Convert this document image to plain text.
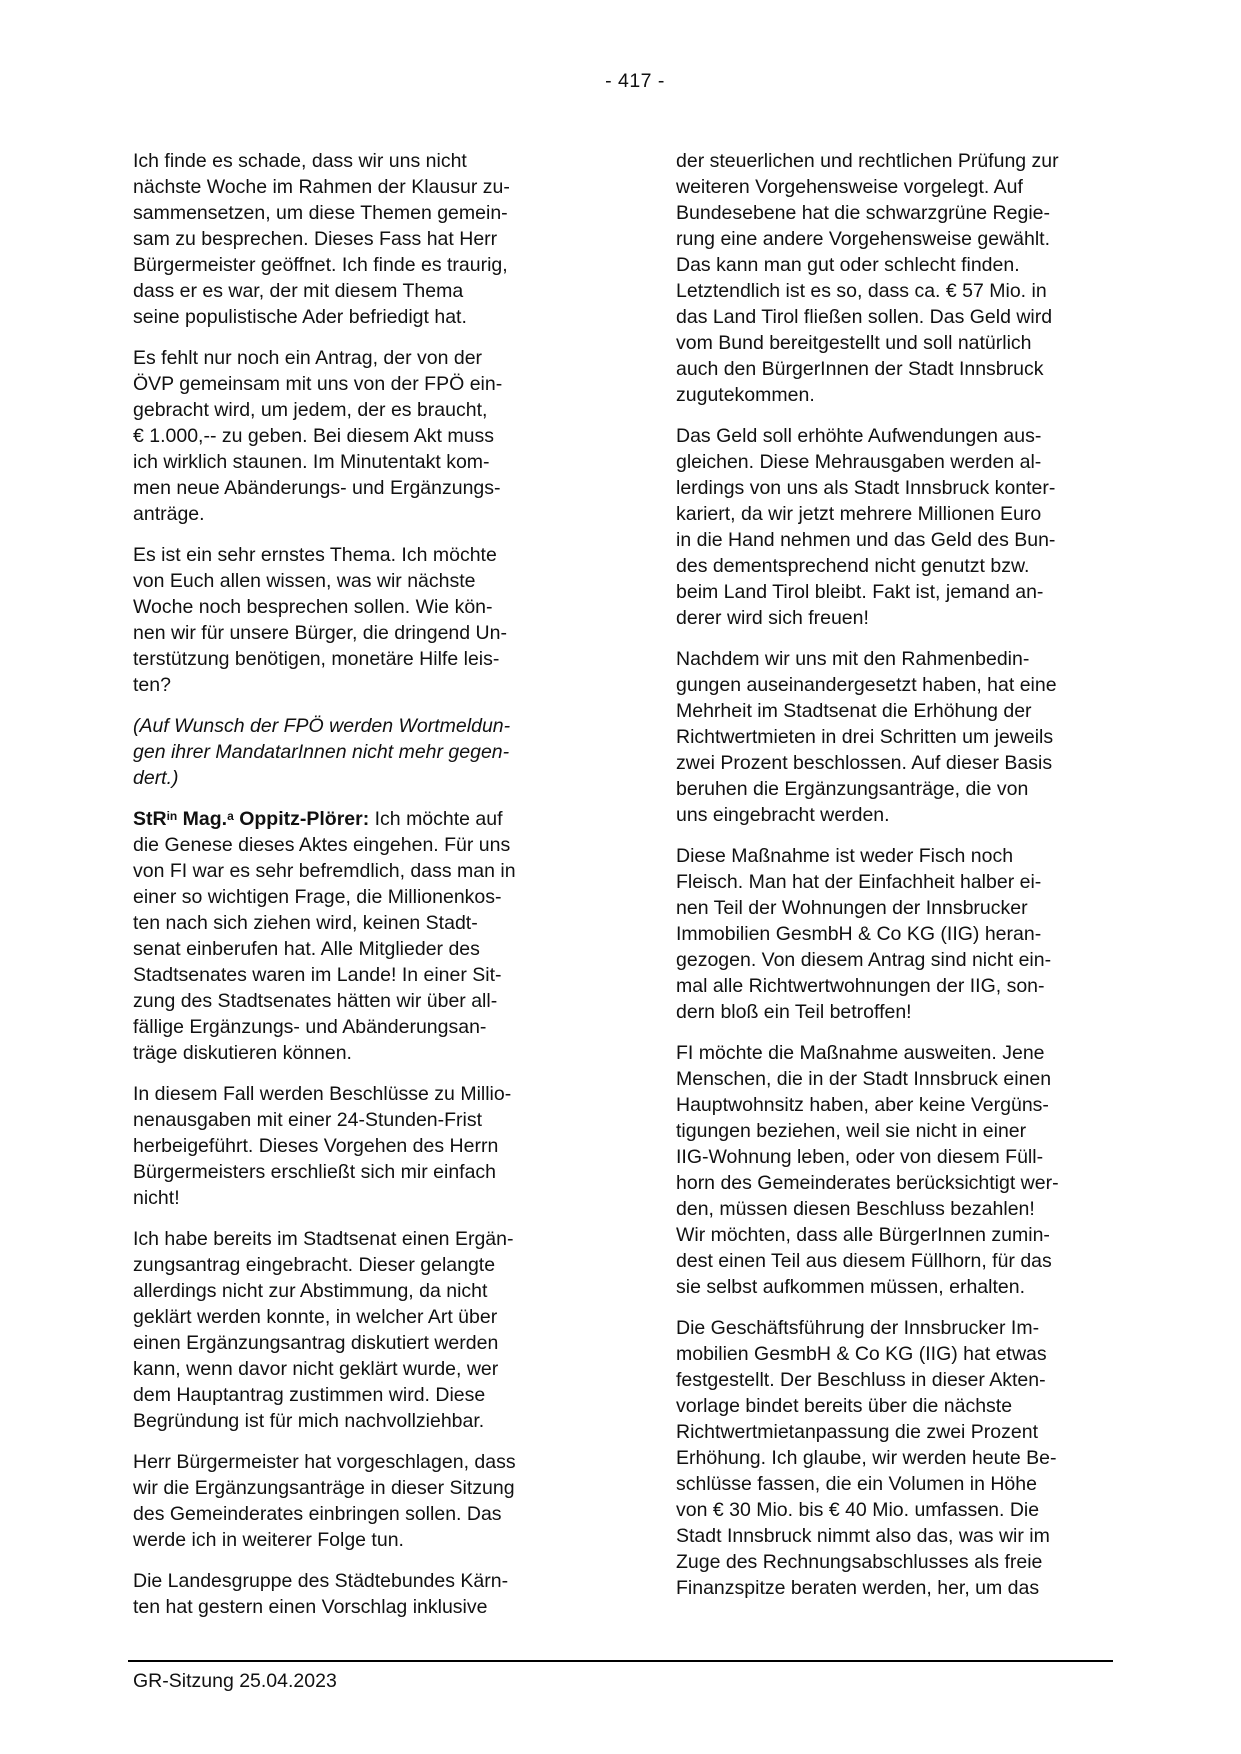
- 417 -
Ich finde es schade, dass wir uns nicht
nächste Woche im Rahmen der Klausur zu-
sammensetzen, um diese Themen gemein-
sam zu besprechen. Dieses Fass hat Herr
Bürgermeister geöffnet. Ich finde es traurig,
dass er es war, der mit diesem Thema
seine populistische Ader befriedigt hat.
Es fehlt nur noch ein Antrag, der von der
ÖVP gemeinsam mit uns von der FPÖ ein-
gebracht wird, um jedem, der es braucht,
€ 1.000,-- zu geben. Bei diesem Akt muss
ich wirklich staunen. Im Minutentakt kom-
men neue Abänderungs- und Ergänzungs-
anträge.
Es ist ein sehr ernstes Thema. Ich möchte
von Euch allen wissen, was wir nächste
Woche noch besprechen sollen. Wie kön-
nen wir für unsere Bürger, die dringend Un-
terstützung benötigen, monetäre Hilfe leis-
ten?
(Auf Wunsch der FPÖ werden Wortmeldun-
gen ihrer MandatarInnen nicht mehr gegen-
dert.)
StR$^{in}$ Mag.$^a$ Oppitz-Plörer: Ich möchte auf
die Genese dieses Aktes eingehen. Für uns
von FI war es sehr befremdlich, dass man in
einer so wichtigen Frage, die Millionenkos-
ten nach sich ziehen wird, keinen Stadt-
senat einberufen hat. Alle Mitglieder des
Stadtsenates waren im Lande! In einer Sit-
zung des Stadtsenates hätten wir über all-
fällige Ergänzungs- und Abänderungsan-
träge diskutieren können.
In diesem Fall werden Beschlüsse zu Millio-
nenausgaben mit einer 24-Stunden-Frist
herbeigeführt. Dieses Vorgehen des Herrn
Bürgermeisters erschließt sich mir einfach
nicht!
Ich habe bereits im Stadtsenat einen Ergän-
zungsantrag eingebracht. Dieser gelangte
allerdings nicht zur Abstimmung, da nicht
geklärt werden konnte, in welcher Art über
einen Ergänzungsantrag diskutiert werden
kann, wenn davor nicht geklärt wurde, wer
dem Hauptantrag zustimmen wird. Diese
Begründung ist für mich nachvollziehbar.
Herr Bürgermeister hat vorgeschlagen, dass
wir die Ergänzungsanträge in dieser Sitzung
des Gemeinderates einbringen sollen. Das
werde ich in weiterer Folge tun.
Die Landesgruppe des Städtebundes Kärn-
ten hat gestern einen Vorschlag inklusive
der steuerlichen und rechtlichen Prüfung zur
weiteren Vorgehensweise vorgelegt. Auf
Bundesebene hat die schwarzgrüne Regie-
rung eine andere Vorgehensweise gewählt.
Das kann man gut oder schlecht finden.
Letztendlich ist es so, dass ca. € 57 Mio. in
das Land Tirol fließen sollen. Das Geld wird
vom Bund bereitgestellt und soll natürlich
auch den BürgerInnen der Stadt Innsbruck
zugutekommen.
Das Geld soll erhöhte Aufwendungen aus-
gleichen. Diese Mehrausgaben werden al-
lerdings von uns als Stadt Innsbruck konter-
kariert, da wir jetzt mehrere Millionen Euro
in die Hand nehmen und das Geld des Bun-
des dementsprechend nicht genutzt bzw.
beim Land Tirol bleibt. Fakt ist, jemand an-
derer wird sich freuen!
Nachdem wir uns mit den Rahmenbedin-
gungen auseinandergesetzt haben, hat eine
Mehrheit im Stadtsenat die Erhöhung der
Richtwertmieten in drei Schritten um jeweils
zwei Prozent beschlossen. Auf dieser Basis
beruhen die Ergänzungsanträge, die von
uns eingebracht werden.
Diese Maßnahme ist weder Fisch noch
Fleisch. Man hat der Einfachheit halber ei-
nen Teil der Wohnungen der Innsbrucker
Immobilien GesmbH & Co KG (IIG) heran-
gezogen. Von diesem Antrag sind nicht ein-
mal alle Richtwertwohnungen der IIG, son-
dern bloß ein Teil betroffen!
FI möchte die Maßnahme ausweiten. Jene
Menschen, die in der Stadt Innsbruck einen
Hauptwohnsitz haben, aber keine Vergüns-
tigungen beziehen, weil sie nicht in einer
IIG-Wohnung leben, oder von diesem Füll-
horn des Gemeinderates berücksichtigt wer-
den, müssen diesen Beschluss bezahlen!
Wir möchten, dass alle BürgerInnen zumin-
dest einen Teil aus diesem Füllhorn, für das
sie selbst aufkommen müssen, erhalten.
Die Geschäftsführung der Innsbrucker Im-
mobilien GesmbH & Co KG (IIG) hat etwas
festgestellt. Der Beschluss in dieser Akten-
vorlage bindet bereits über die nächste
Richtwertmietanpassung die zwei Prozent
Erhöhung. Ich glaube, wir werden heute Be-
schlüsse fassen, die ein Volumen in Höhe
von € 30 Mio. bis € 40 Mio. umfassen. Die
Stadt Innsbruck nimmt also das, was wir im
Zuge des Rechnungsabschlusses als freie
Finanzspitze beraten werden, her, um das
GR-Sitzung 25.04.2023
